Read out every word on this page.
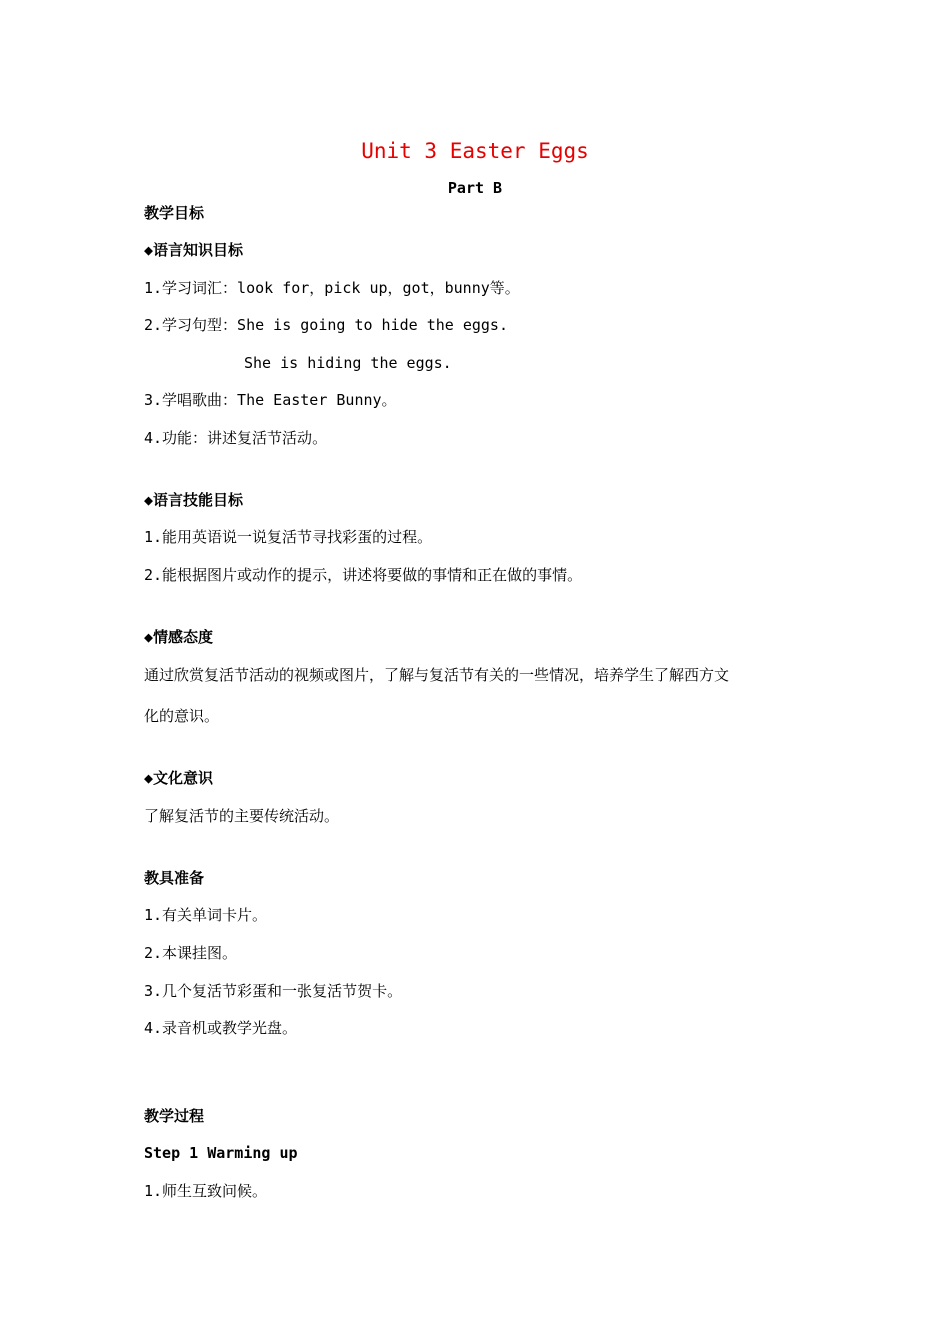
Unit 3 Easter Eggs
Part B
教学目标
◆语言知识目标
1.学习词汇：look for，pick up，got，bunny等。
2.学习句型：She is going to hide the eggs.
She is hiding the eggs.
3.学唱歌曲：The Easter Bunny。
4.功能：讲述复活节活动。
◆语言技能目标
1.能用英语说一说复活节寻找彩蛋的过程。
2.能根据图片或动作的提示，讲述将要做的事情和正在做的事情。
◆情感态度
通过欣赏复活节活动的视频或图片，了解与复活节有关的一些情况，培养学生了解西方文
化的意识。
◆文化意识
了解复活节的主要传统活动。
教具准备
1.有关单词卡片。
2.本课挂图。
3.几个复活节彩蛋和一张复活节贺卡。
4.录音机或教学光盘。
教学过程
Step 1 Warming up
1.师生互致问候。
